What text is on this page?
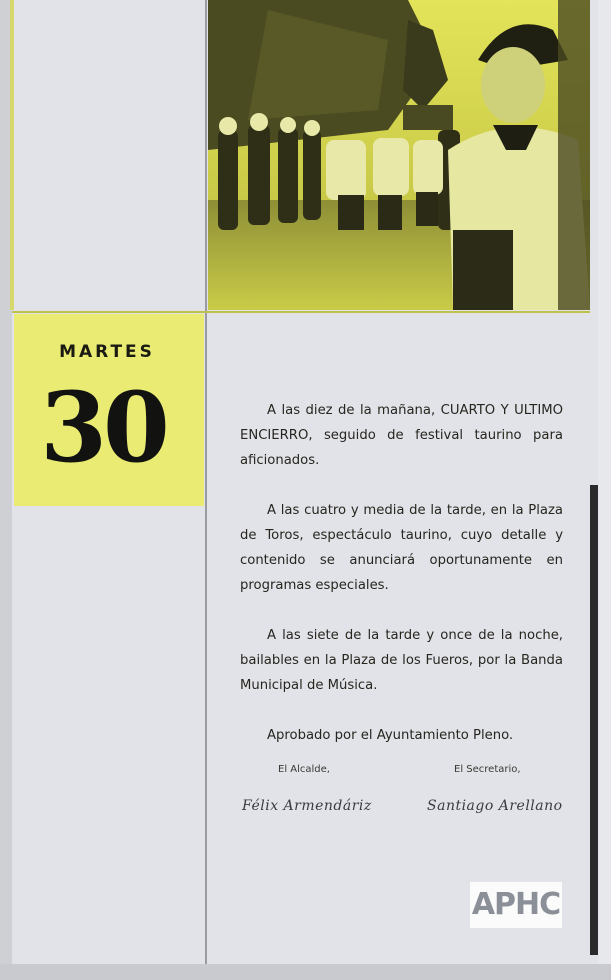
MARTES
30	A las diez de la mañana, CUARTO Y ULTIMO ENCIERRO, seguido de festival taurino para aficionados.

A las cuatro y media de la tarde, en la Plaza de Toros, espectáculo taurino, cuyo detalle y contenido se anunciará oportunamente en programas especiales.

A las siete de la tarde y once de la noche, bailables en la Plaza de los Fueros, por la Banda Municipal de Música.

Aprobado por el Ayuntamiento Pleno.

El Alcalde,	El Secretario,
Félix Armendáriz	Santiago Arellano
APHC
